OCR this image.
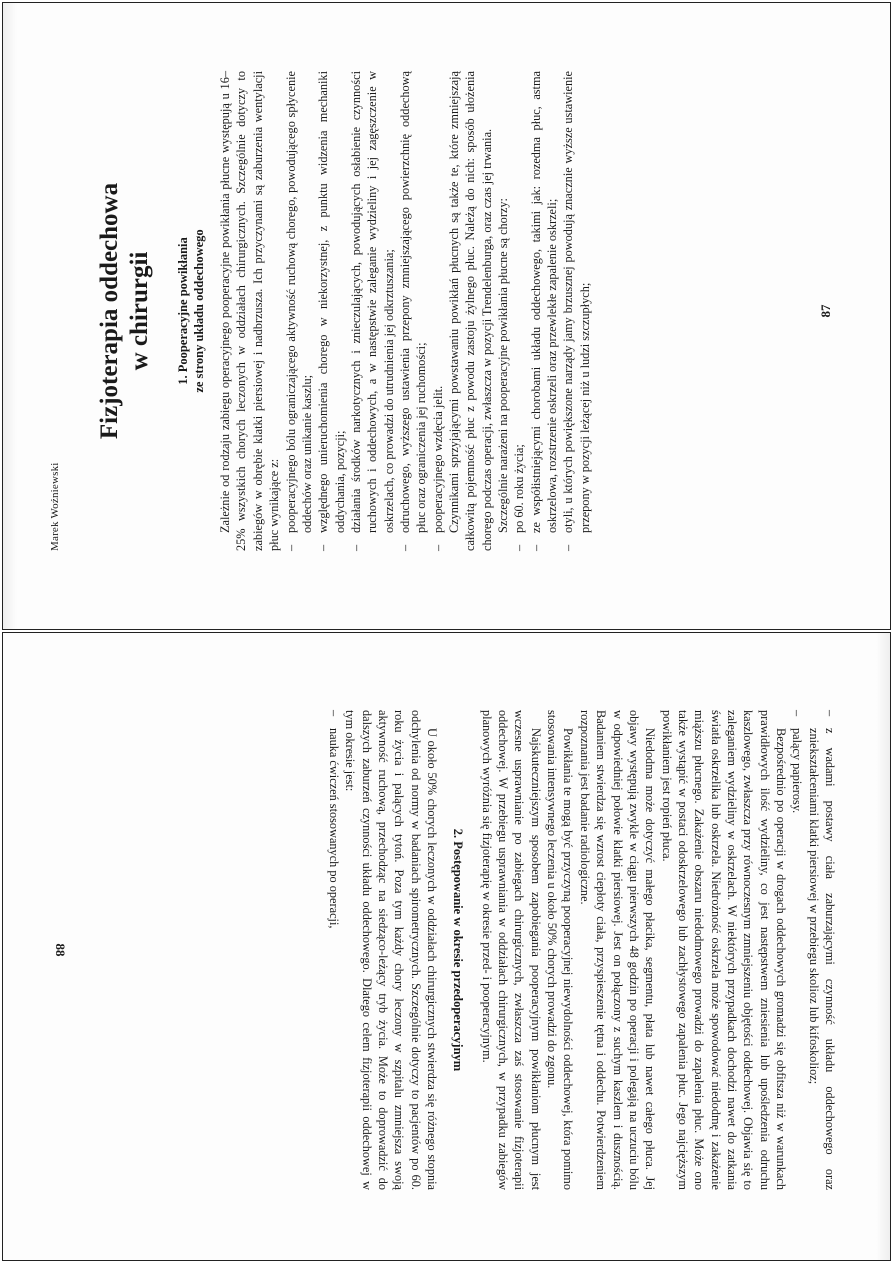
Marek Woźniewski
Fizjoterapia oddechowa w chirurgii 1. Pooperacyjne powikłania ze strony układu oddechowego Zależnie od rodzaju zabiegu operacyjnego pooperacyjne powikłania płucne występują u 16–25% wszystkich chorych leczonych w oddziałach chirurgicznych. Szczególnie dotyczy to zabiegów w obrębie klatki piersiowej i nadbrzusza. Ich przyczynami są zaburzenia wentylacji płuc wynikające z: – pooperacyjnego bólu ograniczającego aktywność ruchową chorego, powodującego spłycenie oddechów oraz unikanie kaszlu; – względnego unieruchomienia chorego w niekorzystnej, z punktu widzenia mechaniki oddychania, pozycji; – działania środków narkotycznych i znieczulających, powodujących osłabienie czynności ruchowych i oddechowych, a w następstwie zaleganie wydzieliny i jej zagęszczenie w oskrzelach, co prowadzi do utrudnienia jej odkrztuszania; – odruchowego, wyższego ustawienia przepony zmniejszającego powierzchnię oddechową płuc oraz ograniczenia jej ruchomości; – pooperacyjnego wzdęcia jelit. Czynnikami sprzyjającymi powstawaniu powikłań płucnych są także te, które zmniejszają całkowitą pojemność płuc z powodu zastoju żylnego płuc. Należą do nich: sposób ułożenia chorego podczas operacji, zwłaszcza w pozycji Trendelenburga, oraz czas jej trwania. Szczególnie narażeni na pooperacyjne powikłania płucne są chorzy: – po 60. roku życia; – ze współistniejącymi chorobami układu oddechowego, takimi jak: rozedma płuc, astma oskrzelowa, rozstrzenie oskrzeli oraz przewlekłe zapalenie oskrzeli; – otyli, u których powiększone narządy jamy brzusznej powodują znacznie wyższe ustawienie przepony w pozycji leżącej niż u ludzi szczupłych;	87
– z wadami postawy ciała zaburzającymi czynność układu oddechowego oraz zniekształceniami klatki piersiowej w przebiegu skolioz lub kifoskolioz;
– palący papierosy.

Bezpośrednio po operacji w drogach oddechowych gromadzi się obfitsza niż w warunkach prawidłowych ilość wydzieliny, co jest następstwem zniesienia lub upośledzenia odruchu kaszlowego, zwłaszcza przy równoczesnym zmniejszeniu objętości oddechowej. Objawia się to zaleganiem wydzieliny w oskrzelach. W niektórych przypadkach dochodzi nawet do zatkania światła oskrzelika lub oskrzela. Niedrożność oskrzela może spowodować niedodmę i zakażenie miąższu płucnego. Zakażenie obszaru niedodmowego prowadzi do zapalenia płuc. Może ono także wystąpić w postaci odoskrzelowego lub zachłystowego zapalenia płuc. Jego najcięższym powikłaniem jest ropień płuca.

Niedodma może dotyczyć małego płacika, segmentu, płata lub nawet całego płuca. Jej objawy występują zwykle w ciągu pierwszych 48 godzin po operacji i polegają na uczuciu bólu w odpowiedniej połowie klatki piersiowej. Jest on połączony z suchym kaszlem i dusznością. Badaniem stwierdza się wzrost ciepłoty ciała, przyspieszenie tętna i oddechu. Potwierdzeniem rozpoznania jest badanie radiologiczne.

Powikłania te mogą być przyczyną pooperacyjnej niewydolności oddechowej, która pomimo stosowania intensywnego leczenia u około 50% chorych prowadzi do zgonu.

Najskuteczniejszym sposobem zapobiegania pooperacyjnym powikłaniom płucnym jest wczesne usprawnianie po zabiegach chirurgicznych, zwłaszcza zaś stosowanie fizjoterapii oddechowej. W przebiegu usprawniania w oddziałach chirurgicznych, w przypadku zabiegów planowych wyróżnia się fizjoterapię w okresie przed- i pooperacyjnym.

2. Postępowanie w okresie przedoperacyjnym

U około 50% chorych leczonych w oddziałach chirurgicznych stwierdza się różnego stopnia odchylenia od normy w badaniach spirometrycznych. Szczególnie dotyczy to pacjentów po 60. roku życia i palących tytoń. Poza tym każdy chory leczony w szpitalu zmniejsza swoją aktywność ruchową, przechodząc na siedząco-leżący tryb życia. Może to doprowadzić do dalszych zaburzeń czynności układu oddechowego. Dlatego celem fizjoterapii oddechowej w tym okresie jest:

– nauka ćwiczeń stosowanych po operacji,
88
